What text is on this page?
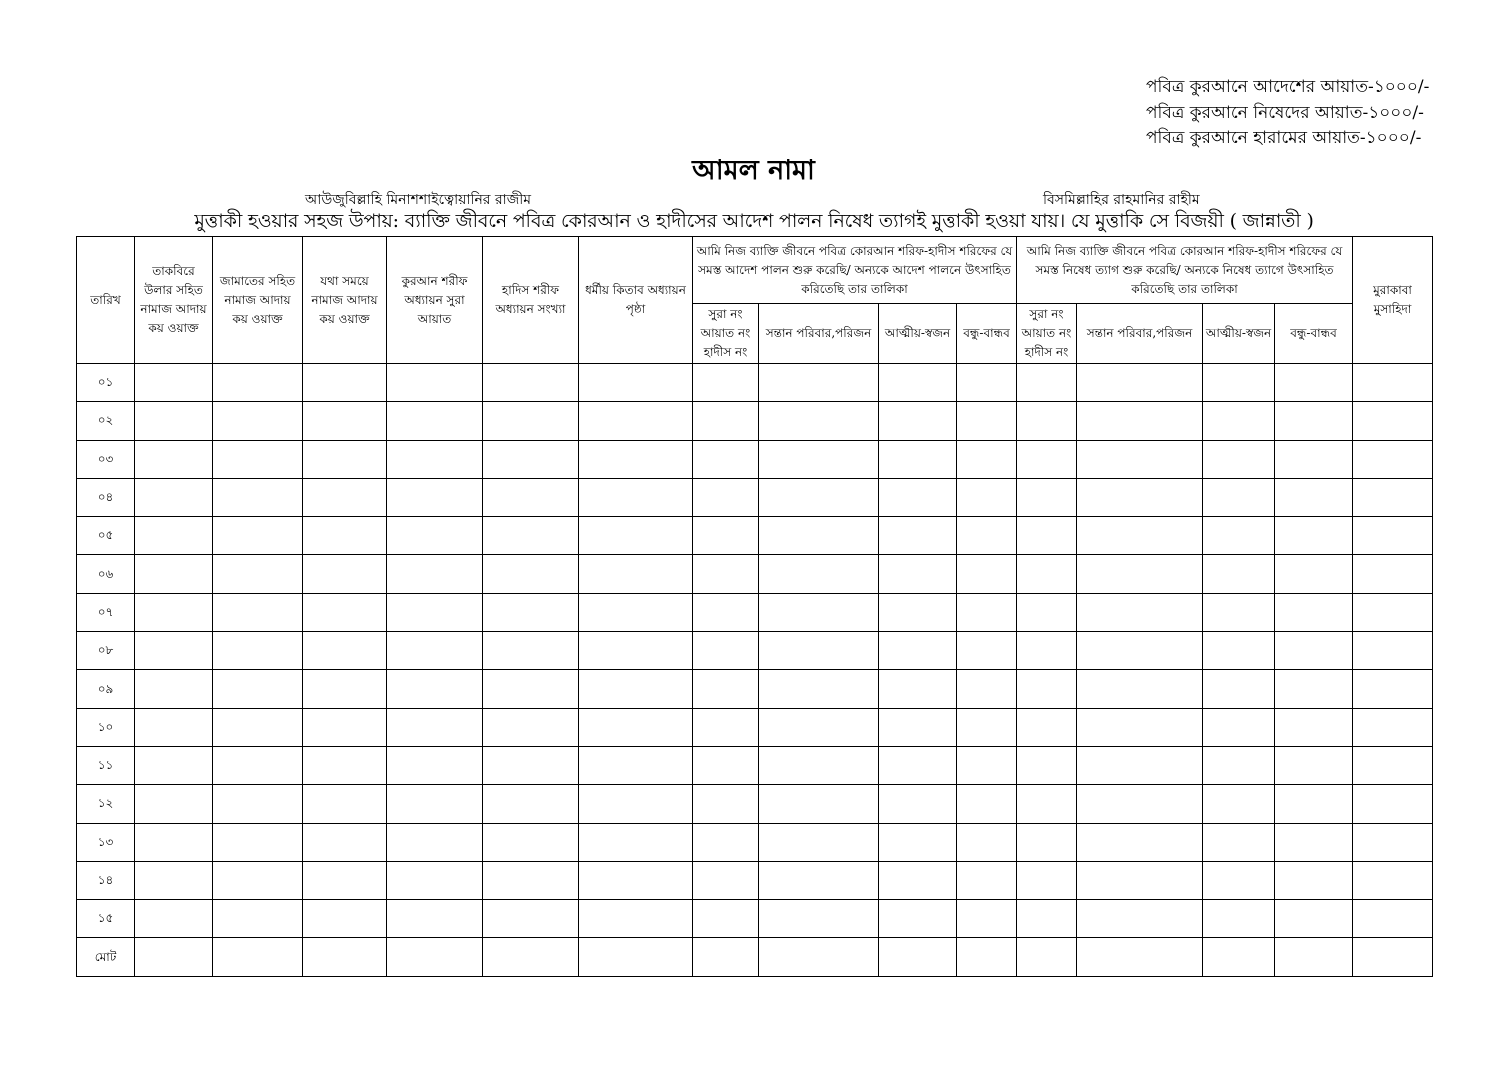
পবিত্র কুরআনে আদেশের আয়াত-১০০০/-
পবিত্র কুরআনে নিষেদের আয়াত-১০০০/-
পবিত্র কুরআনে হারামের আয়াত-১০০০/-
আমল নামা
আউজুবিল্লাহি মিনাশশাইত্বোয়ানির রাজীম	বিসমিল্লাহির রাহমানির রাহীম
মুত্তাকী হওয়ার সহজ উপায়: ব্যাক্তি জীবনে পবিত্র কোরআন ও হাদীসের আদেশ পালন নিষেধ ত্যাগই মুত্তাকী হওয়া যায়। যে মুত্তাকি সে বিজয়ী ( জান্নাতী )
তারিখ	তাকবিরে উলার সহিত নামাজ আদায় কয় ওয়াক্ত	জামাতের সহিত নামাজ আদায় কয় ওয়াক্ত	যথা সময়ে নামাজ আদায় কয় ওয়াক্ত	কুরআন শরীফ অধ্যায়ন সুরা আয়াত	হাদিস শরীফ অধ্যায়ন সংখ্যা	ধর্মীয় কিতাব অধ্যায়ন পৃষ্ঠা	আমি নিজ ব্যাক্তি জীবনে পবিত্র কোরআন শরিফ-হাদীস শরিফের যে সমস্ত আদেশ পালন শুরু করেছি/ অন্যকে আদেশ পালনে উৎসাহিত করিতেছি তার তালিকা				আমি নিজ ব্যাক্তি জীবনে পবিত্র কোরআন শরিফ-হাদীস শরিফের যে সমস্ত নিষেধ ত্যাগ শুরু করেছি/ অন্যকে নিষেধ ত্যাগে উৎসাহিত করিতেছি তার তালিকা				মুরাকাবা মুসাহিদা
							সুরা নং আয়াত নং হাদীস নং	সন্তান পরিবার,পরিজন	আত্মীয়-স্বজন	বন্ধু-বান্ধব	সুরা নং আয়াত নং হাদীস নং	সন্তান পরিবার,পরিজন	আত্মীয়-স্বজন	বন্ধু-বান্ধব	
০১															
০২															
০৩															
০৪															
০৫															
০৬															
০৭															
০৮															
০৯															
১০															
১১															
১২															
১৩															
১৪															
১৫															
মোট															
